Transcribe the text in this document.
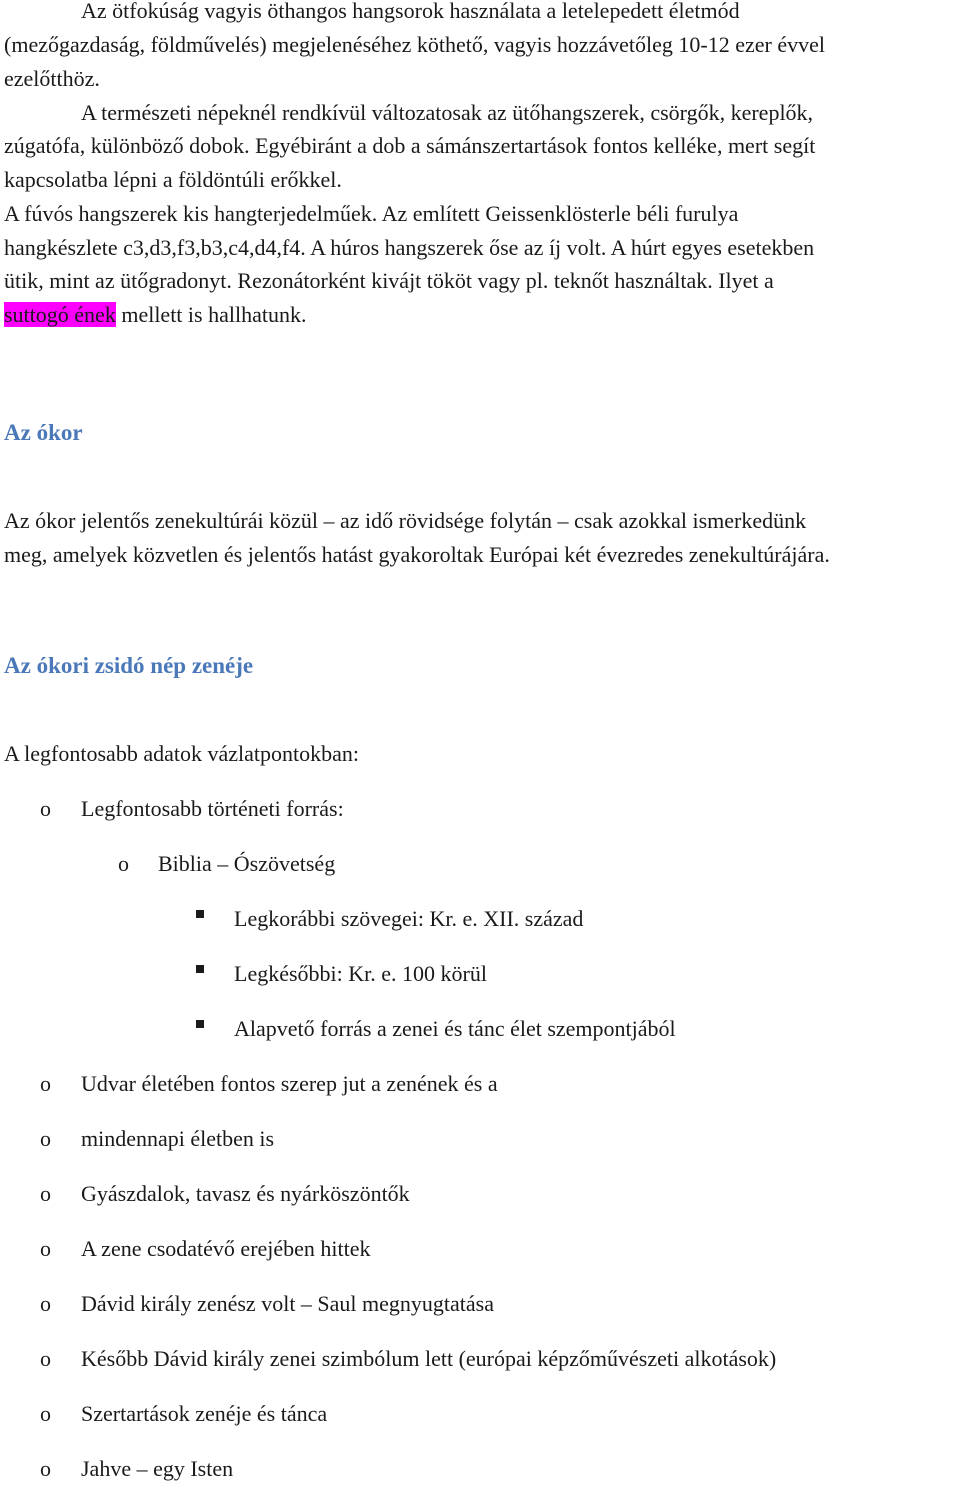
Az ötfokúság vagyis öthangos hangsorok használata a letelepedett életmód
(mezőgazdaság, földművelés) megjelenéséhez köthető, vagyis hozzávetőleg 10-12 ezer évvel
ezelőtthöz.
A természeti népeknél rendkívül változatosak az ütőhangszerek, csörgők, kereplők,
zúgatófa, különböző dobok. Egyébiránt a dob a sámánszertartások fontos kelléke, mert segít
kapcsolatba lépni a földöntúli erőkkel.
A fúvós hangszerek kis hangterjedelműek. Az említett Geissenklösterle béli furulya
hangkészlete c3,d3,f3,b3,c4,d4,f4. A húros hangszerek őse az íj volt. A húrt egyes esetekben
ütik, mint az ütőgradonyt. Rezonátorként kivájt tököt vagy pl. teknőt használtak. Ilyet a
suttogó ének mellett is hallhatunk.
Az ókor
Az ókor jelentős zenekultúrái közül – az idő rövidsége folytán – csak azokkal ismerkedünk
meg, amelyek közvetlen és jelentős hatást gyakoroltak Európai két évezredes zenekultúrájára.
Az ókori zsidó nép zenéje
A legfontosabb adatok vázlatpontokban:
o Legfontosabb történeti forrás:
o Biblia – Ószövetség
Legkorábbi szövegei: Kr. e. XII. század
Legkésőbbi: Kr. e. 100 körül
Alapvető forrás a zenei és tánc élet szempontjából
o Udvar életében fontos szerep jut a zenének és a
o mindennapi életben is
o Gyászdalok, tavasz és nyárköszöntők
o A zene csodatévő erejében hittek
o Dávid király zenész volt – Saul megnyugtatása
o Később Dávid király zenei szimbólum lett (európai képzőművészeti alkotások)
o Szertartások zenéje és tánca
o Jahve – egy Isten
